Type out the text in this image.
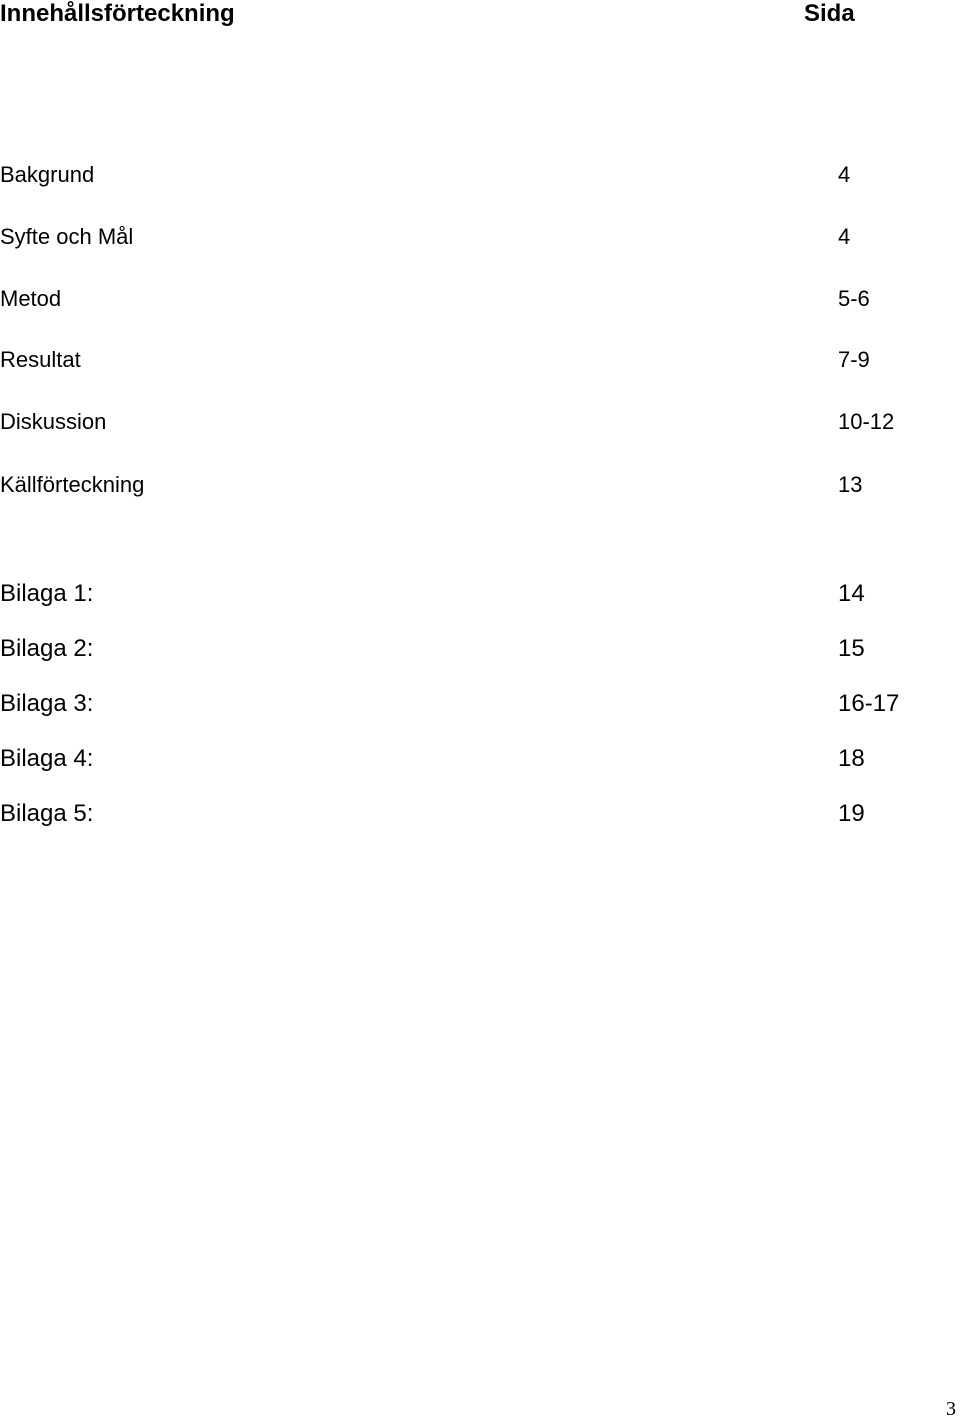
Innehållsförteckning	Sida
Bakgrund	4
Syfte och Mål	4
Metod	5-6
Resultat	7-9
Diskussion	10-12
Källförteckning	13
Bilaga 1:	14
Bilaga 2:	15
Bilaga 3:	16-17
Bilaga 4:	18
Bilaga 5:	19
3
